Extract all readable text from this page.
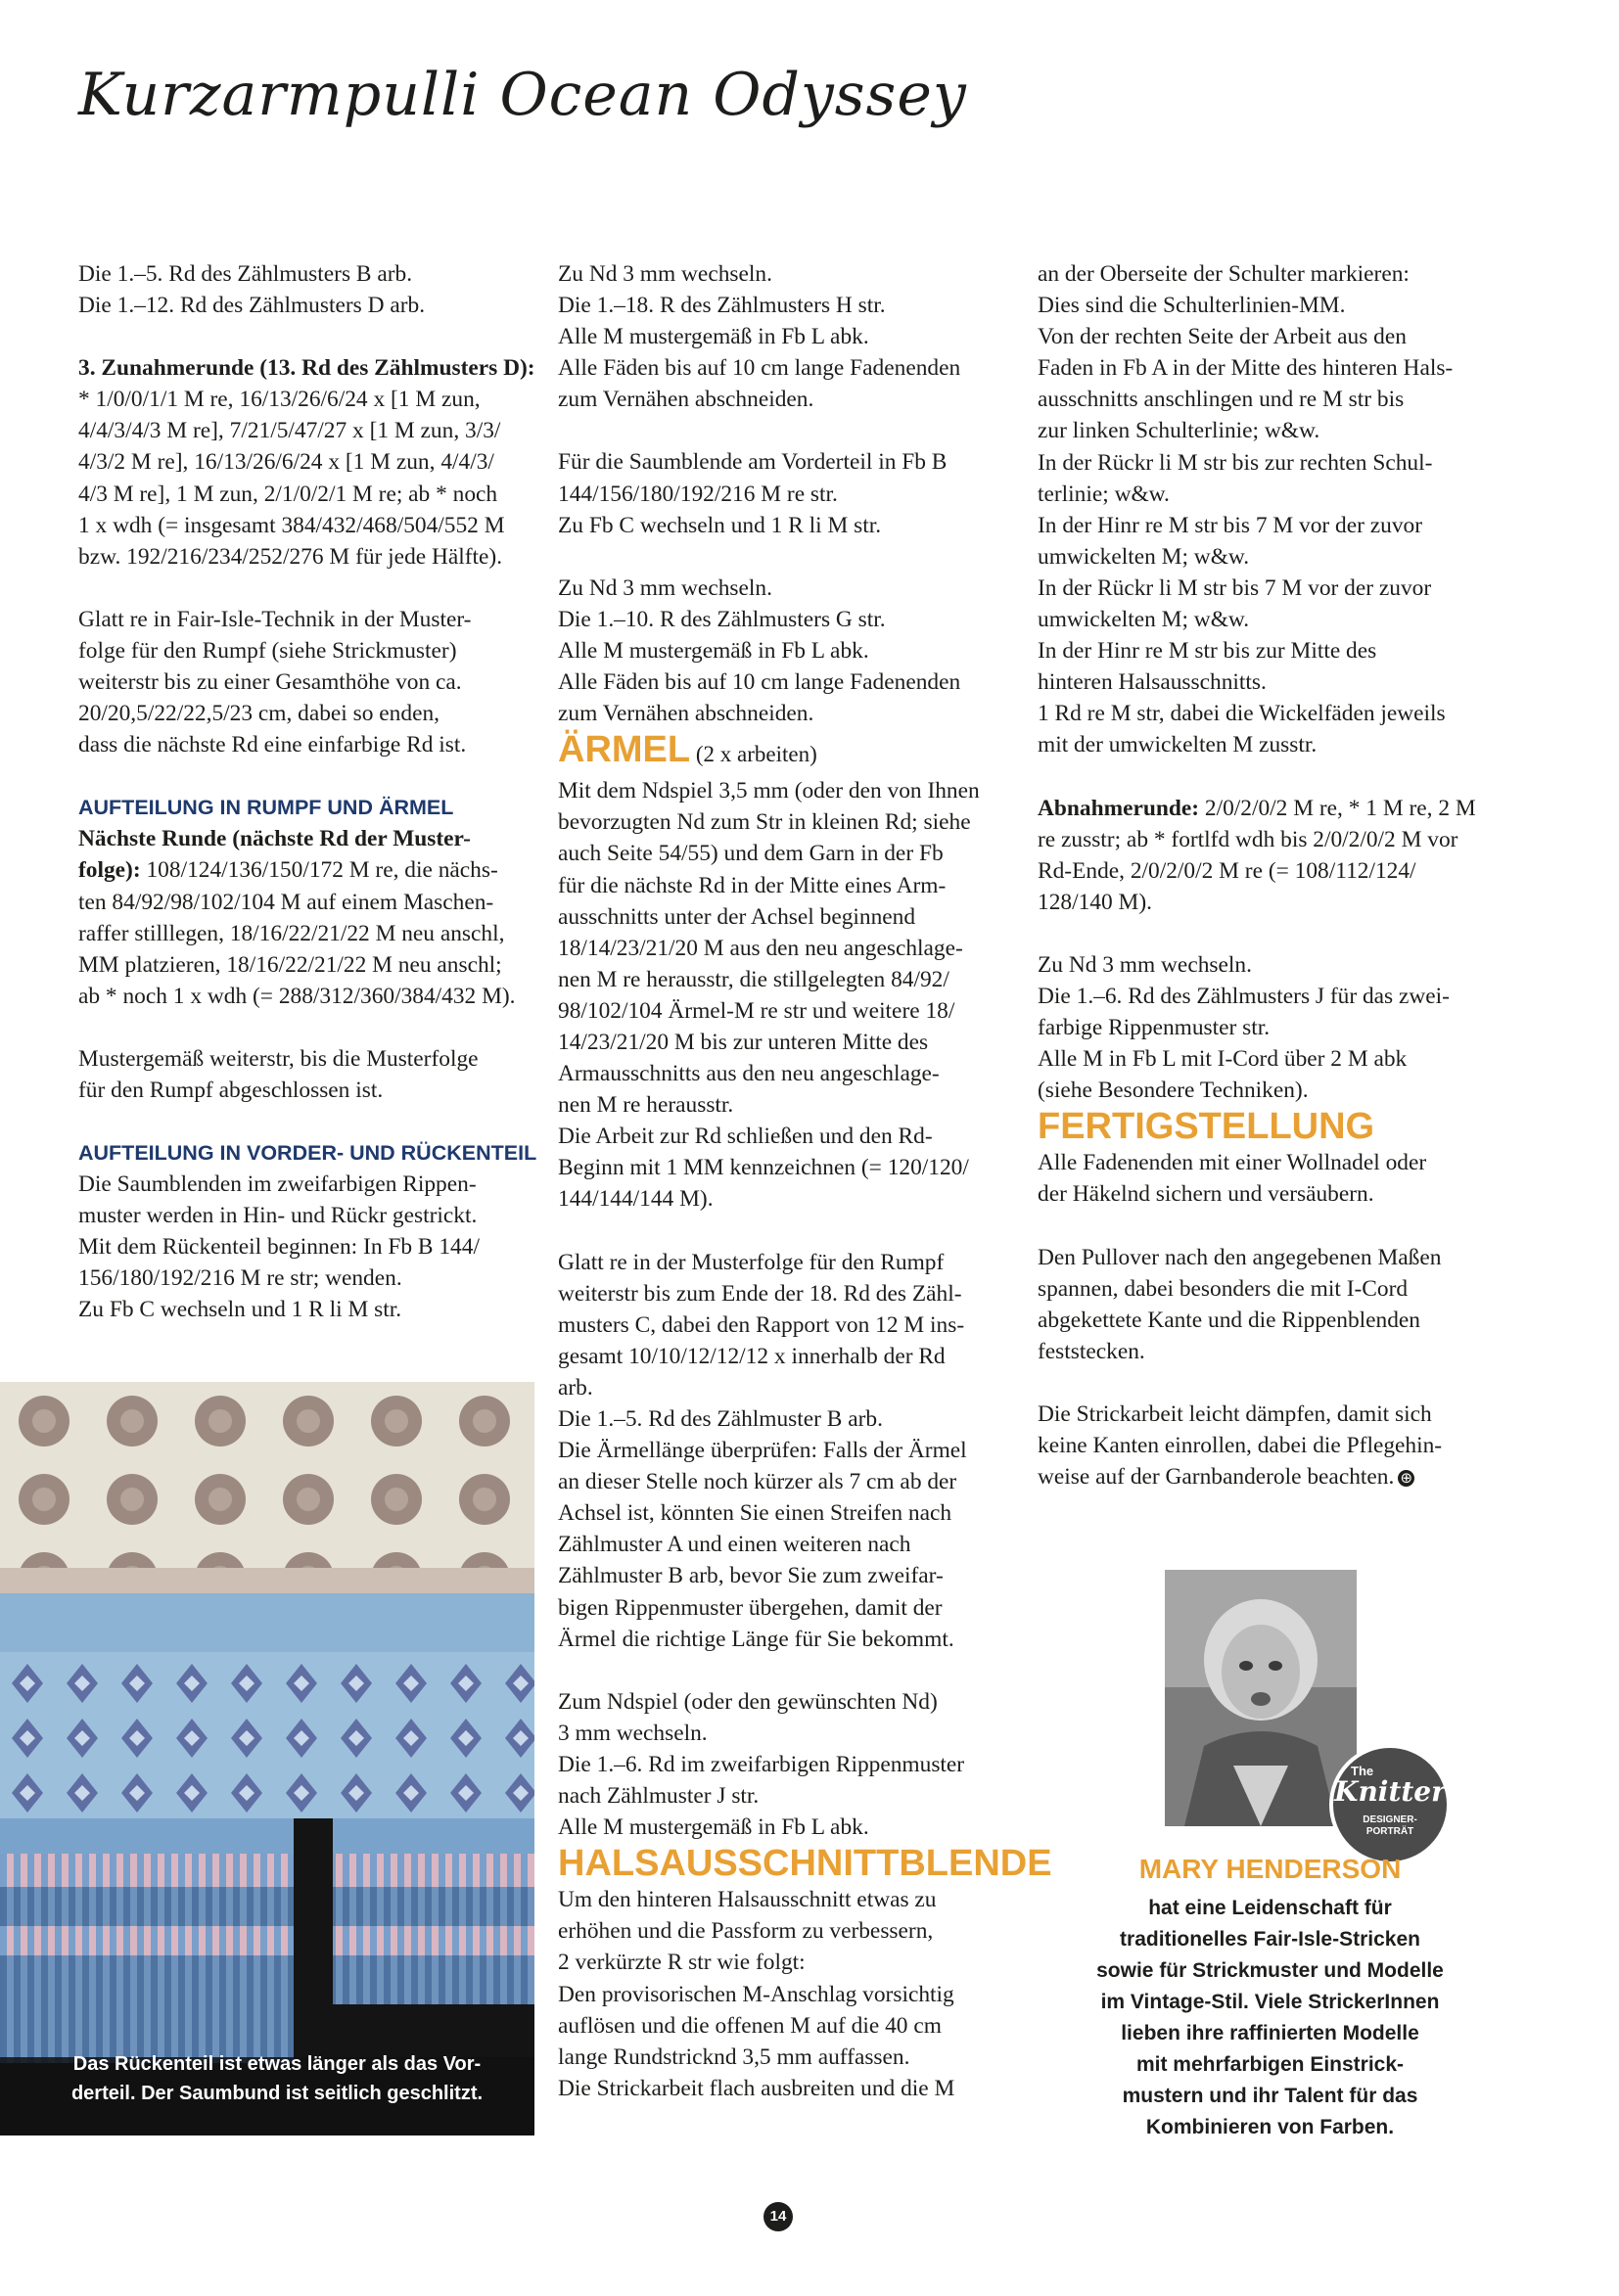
Kurzarmpulli Ocean Odyssey

Die 1.–5. Rd des Zählmusters B arb.

Die 1.–12. Rd des Zählmusters D arb.

3. Zunahmerunde (13. Rd des Zählmusters D):

* 1/0/0/1/1 M re, 16/13/26/6/24 x [1 M zun,

4/4/3/4/3 M re], 7/21/5/47/27 x [1 M zun, 3/3/

4/3/2 M re], 16/13/26/6/24 x [1 M zun, 4/4/3/

4/3 M re], 1 M zun, 2/1/0/2/1 M re; ab * noch

1 x wdh (= insgesamt 384/432/468/504/552 M

bzw. 192/216/234/252/276 M für jede Hälfte).

Glatt re in Fair-Isle-Technik in der Muster-

folge für den Rumpf (siehe Strickmuster)

weiterstr bis zu einer Gesamthöhe von ca.

20/20,5/22/22,5/23 cm, dabei so enden,

dass die nächste Rd eine einfarbige Rd ist.

AUFTEILUNG IN RUMPF UND ÄRMEL

Nächste Runde (nächste Rd der Muster-

folge): 108/124/136/150/172 M re, die nächs-

ten 84/92/98/102/104 M auf einem Maschen-

raffer stilllegen, 18/16/22/21/22 M neu anschl,

MM platzieren, 18/16/22/21/22 M neu anschl;

ab * noch 1 x wdh (= 288/312/360/384/432 M).

Mustergemäß weiterstr, bis die Musterfolge

für den Rumpf abgeschlossen ist.

AUFTEILUNG IN VORDER- UND RÜCKENTEIL

Die Saumblenden im zweifarbigen Rippen-

muster werden in Hin- und Rückr gestrickt.

Mit dem Rückenteil beginnen: In Fb B 144/

156/180/192/216 M re str; wenden.

Zu Fb C wechseln und 1 R li M str.

Das Rückenteil ist etwas länger als das Vor-
derteil. Der Saumbund ist seitlich geschlitzt.

Zu Nd 3 mm wechseln.

Die 1.–18. R des Zählmusters H str.

Alle M mustergemäß in Fb L abk.

Alle Fäden bis auf 10 cm lange Fadenenden

zum Vernähen abschneiden.

Für die Saumblende am Vorderteil in Fb B

144/156/180/192/216 M re str.

Zu Fb C wechseln und 1 R li M str.

Zu Nd 3 mm wechseln.

Die 1.–10. R des Zählmusters G str.

Alle M mustergemäß in Fb L abk.

Alle Fäden bis auf 10 cm lange Fadenenden

zum Vernähen abschneiden.

ÄRMEL (2 x arbeiten)

Mit dem Ndspiel 3,5 mm (oder den von Ihnen

bevorzugten Nd zum Str in kleinen Rd; siehe

auch Seite 54/55) und dem Garn in der Fb

für die nächste Rd in der Mitte eines Arm-

ausschnitts unter der Achsel beginnend

18/14/23/21/20 M aus den neu angeschlage-

nen M re herausstr, die stillgelegten 84/92/

98/102/104 Ärmel-M re str und weitere 18/

14/23/21/20 M bis zur unteren Mitte des

Armausschnitts aus den neu angeschlage-

nen M re herausstr.

Die Arbeit zur Rd schließen und den Rd-

Beginn mit 1 MM kennzeichnen (= 120/120/

144/144/144 M).

Glatt re in der Musterfolge für den Rumpf

weiterstr bis zum Ende der 18. Rd des Zähl-

musters C, dabei den Rapport von 12 M ins-

gesamt 10/10/12/12/12 x innerhalb der Rd

arb.

Die 1.–5. Rd des Zählmuster B arb.

Die Ärmellänge überprüfen: Falls der Ärmel

an dieser Stelle noch kürzer als 7 cm ab der

Achsel ist, könnten Sie einen Streifen nach

Zählmuster A und einen weiteren nach

Zählmuster B arb, bevor Sie zum zweifar-

bigen Rippenmuster übergehen, damit der

Ärmel die richtige Länge für Sie bekommt.

Zum Ndspiel (oder den gewünschten Nd)

3 mm wechseln.

Die 1.–6. Rd im zweifarbigen Rippenmuster

nach Zählmuster J str.

Alle M mustergemäß in Fb L abk.

HALSAUSSCHNITTBLENDE

Um den hinteren Halsausschnitt etwas zu

erhöhen und die Passform zu verbessern,

2 verkürzte R str wie folgt:

Den provisorischen M-Anschlag vorsichtig

auflösen und die offenen M auf die 40 cm

lange Rundstricknd 3,5 mm auffassen.

Die Strickarbeit flach ausbreiten und die M

an der Oberseite der Schulter markieren:

Dies sind die Schulterlinien-MM.

Von der rechten Seite der Arbeit aus den

Faden in Fb A in der Mitte des hinteren Hals-

ausschnitts anschlingen und re M str bis

zur linken Schulterlinie; w&w.

In der Rückr li M str bis zur rechten Schul-

terlinie; w&w.

In der Hinr re M str bis 7 M vor der zuvor

umwickelten M; w&w.

In der Rückr li M str bis 7 M vor der zuvor

umwickelten M; w&w.

In der Hinr re M str bis zur Mitte des

hinteren Halsausschnitts.

1 Rd re M str, dabei die Wickelfäden jeweils

mit der umwickelten M zusstr.

Abnahmerunde: 2/0/2/0/2 M re, * 1 M re, 2 M

re zusstr; ab * fortlfd wdh bis 2/0/2/0/2 M vor

Rd-Ende, 2/0/2/0/2 M re (= 108/112/124/

128/140 M).

Zu Nd 3 mm wechseln.

Die 1.–6. Rd des Zählmusters J für das zwei-

farbige Rippenmuster str.

Alle M in Fb L mit I-Cord über 2 M abk

(siehe Besondere Techniken).

FERTIGSTELLUNG

Alle Fadenenden mit einer Wollnadel oder

der Häkelnd sichern und versäubern.

Den Pullover nach den angegebenen Maßen

spannen, dabei besonders die mit I-Cord

abgekettete Kante und die Rippenblenden

feststecken.

Die Strickarbeit leicht dämpfen, damit sich

keine Kanten einrollen, dabei die Pflegehin-

weise auf der Garnbanderole beachten. ⊕

The
Knitter
DESIGNER-
PORTRÄT
MARY HENDERSON
hat eine Leidenschaft für
traditionelles Fair-Isle-Stricken
sowie für Strickmuster und Modelle
im Vintage-Stil. Viele StrickerInnen
lieben ihre raffinierten Modelle
mit mehrfarbigen Einstrick-
mustern und ihr Talent für das
Kombinieren von Farben.
14
